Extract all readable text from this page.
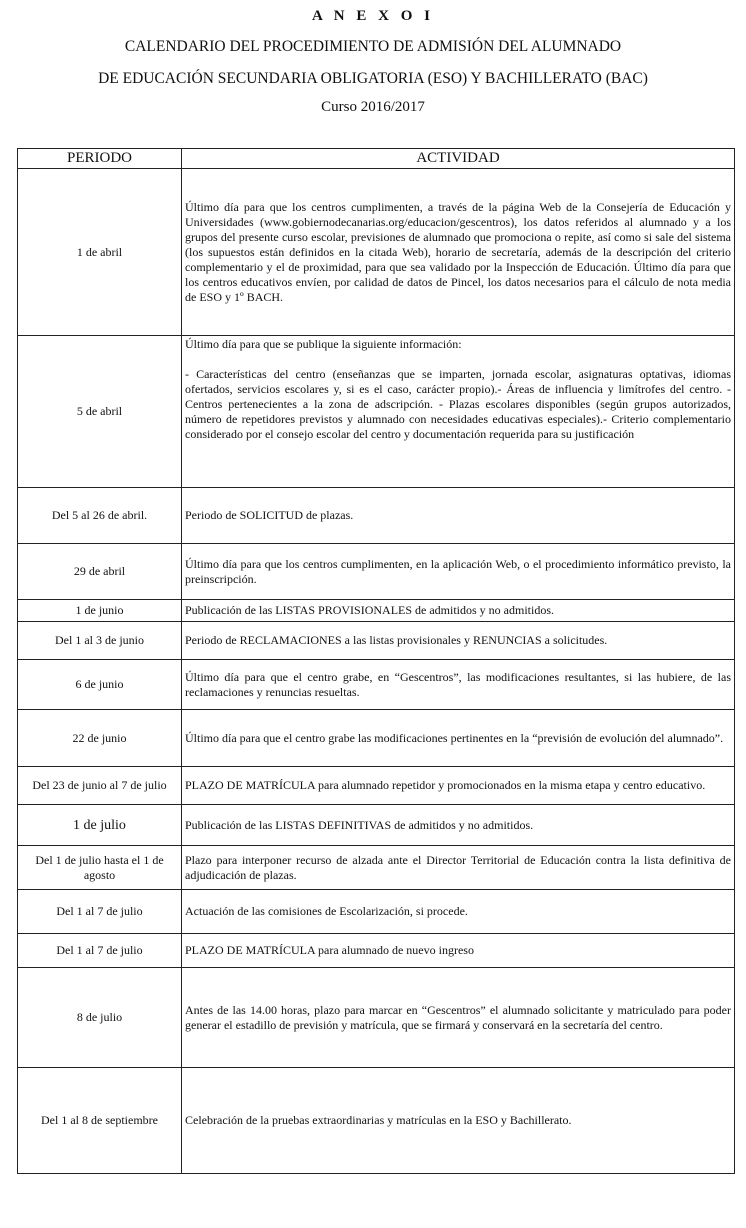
A N E X O I
CALENDARIO DEL PROCEDIMIENTO DE ADMISIÓN DEL ALUMNADO
DE EDUCACIÓN SECUNDARIA OBLIGATORIA (ESO) Y BACHILLERATO (BAC)
Curso 2016/2017
PERIODO	ACTIVIDAD
1 de abril	Último día para que los centros cumplimenten, a través de la página Web de la Consejería de Educación y Universidades (www.gobiernodecanarias.org/educacion/gescentros), los datos referidos al alumnado y a los grupos del presente curso escolar, previsiones de alumnado que promociona o repite, así como si sale del sistema (los supuestos están definidos en la citada Web), horario de secretaría, además de la descripción del criterio complementario y el de proximidad, para que sea validado por la Inspección de Educación. Último día para que los centros educativos envíen, por calidad de datos de Pincel, los datos necesarios para el cálculo de nota media de ESO y 1º BACH.
5 de abril	Último día para que se publique la siguiente información:

- Características del centro (enseñanzas que se imparten, jornada escolar, asignaturas optativas, idiomas ofertados, servicios escolares y, si es el caso, carácter propio).- Áreas de influencia y limítrofes del centro. - Centros pertenecientes a la zona de adscripción. - Plazas escolares disponibles (según grupos autorizados, número de repetidores previstos y alumnado con necesidades educativas especiales).- Criterio complementario considerado por el consejo escolar del centro y documentación requerida para su justificación

Del 5 al 26 de abril.	Periodo de SOLICITUD de plazas.
29 de abril	Último día para que los centros cumplimenten, en la aplicación Web, o el procedimiento informático previsto, la preinscripción.
1 de junio	Publicación de las LISTAS PROVISIONALES de admitidos y no admitidos.
Del 1 al 3 de junio	Periodo de RECLAMACIONES a las listas provisionales y RENUNCIAS a solicitudes.
6 de junio	Último día para que el centro grabe, en “Gescentros”, las modificaciones resultantes, si las hubiere, de las reclamaciones y renuncias resueltas.
22 de junio	Último día para que el centro grabe las modificaciones pertinentes en la “previsión de evolución del alumnado”.
Del 23 de junio al 7 de julio	PLAZO DE MATRÍCULA para alumnado repetidor y promocionados en la misma etapa y centro educativo.
1 de julio	Publicación de las LISTAS DEFINITIVAS de admitidos y no admitidos.
Del 1 de julio hasta el 1 de agosto	Plazo para interponer recurso de alzada ante el Director Territorial de Educación contra la lista definitiva de adjudicación de plazas.
Del 1 al 7 de julio	Actuación de las comisiones de Escolarización, si procede.
Del 1 al 7 de julio	PLAZO DE MATRÍCULA para alumnado de nuevo ingreso
8 de julio	Antes de las 14.00 horas, plazo para marcar en “Gescentros” el alumnado solicitante y matriculado para poder generar el estadillo de previsión y matrícula, que se firmará y conservará en la secretaría del centro.
Del 1 al 8 de septiembre	Celebración de la pruebas extraordinarias y matrículas en la ESO y Bachillerato.
